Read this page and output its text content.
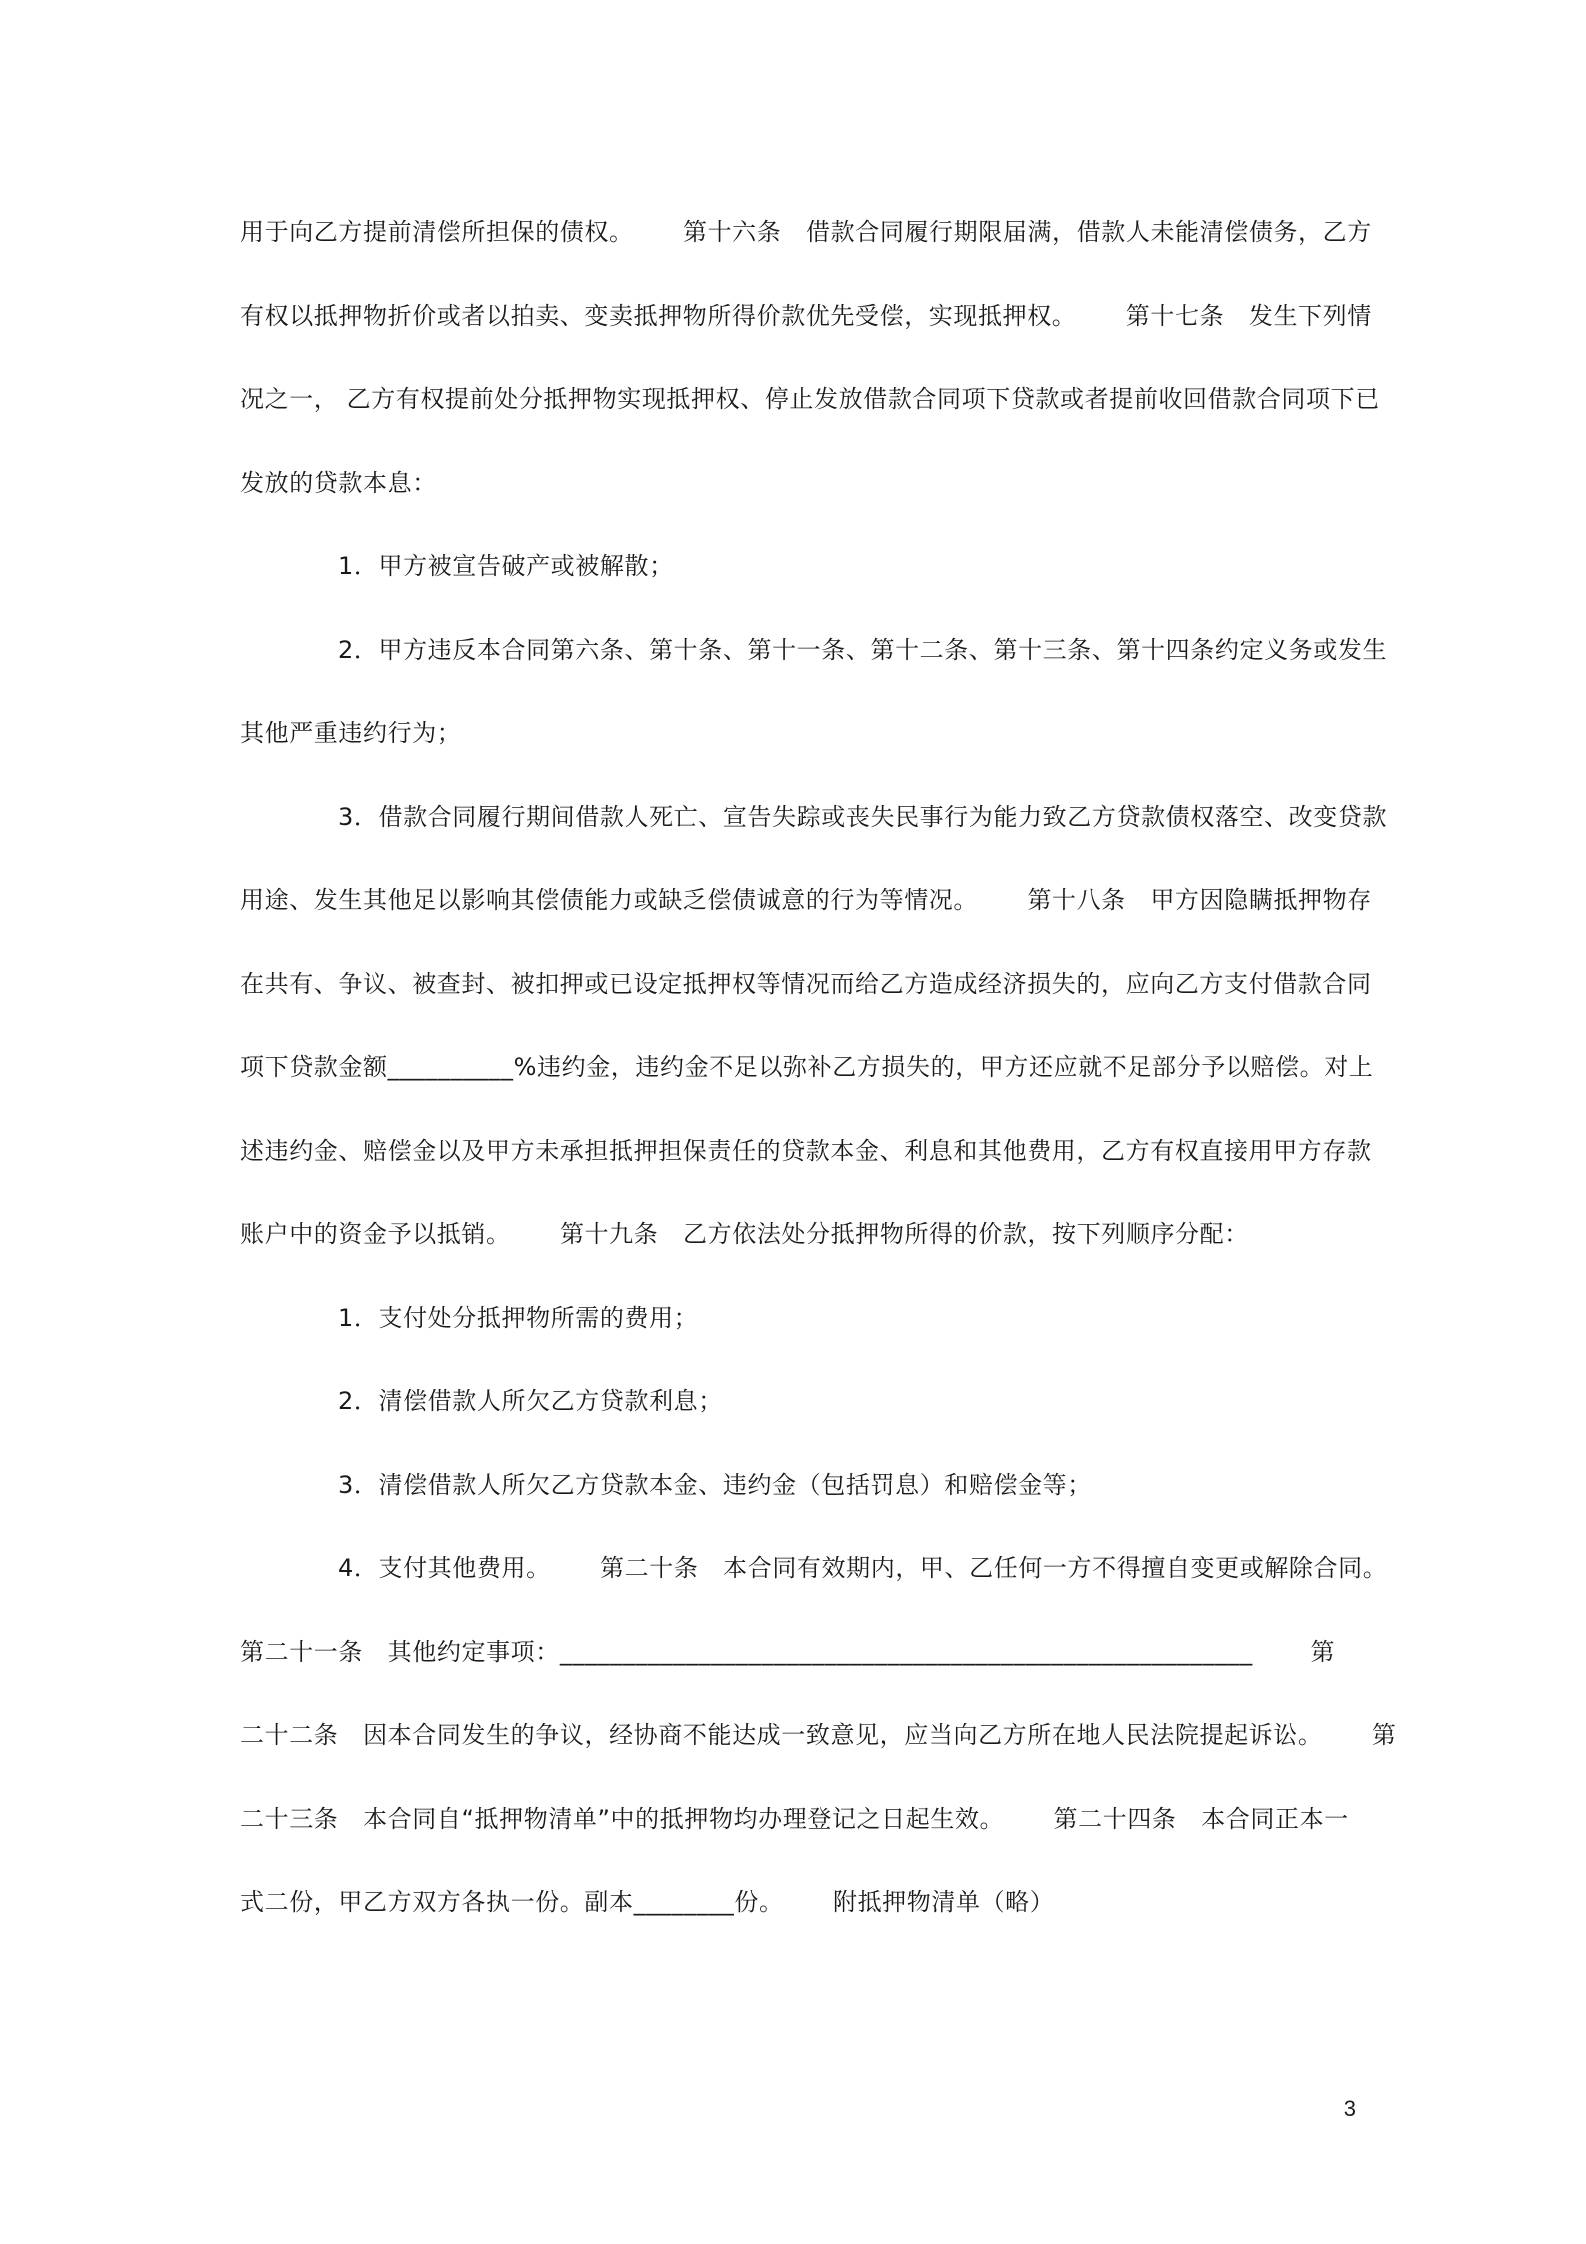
用于向乙方提前清偿所担保的债权。      第十六条   借款合同履行期限届满，借款人未能清偿债务，乙方
有权以抵押物折价或者以拍卖、变卖抵押物所得价款优先受偿，实现抵押权。      第十七条   发生下列情
况之一， 乙方有权提前处分抵押物实现抵押权、停止发放借款合同项下贷款或者提前收回借款合同项下已
发放的贷款本息：
1．甲方被宣告破产或被解散；
2．甲方违反本合同第六条、第十条、第十一条、第十二条、第十三条、第十四条约定义务或发生
其他严重违约行为；
3．借款合同履行期间借款人死亡、宣告失踪或丧失民事行为能力致乙方贷款债权落空、改变贷款
用途、发生其他足以影响其偿债能力或缺乏偿债诚意的行为等情况。      第十八条   甲方因隐瞒抵押物存
在共有、争议、被查封、被扣押或已设定抵押权等情况而给乙方造成经济损失的，应向乙方支付借款合同
项下贷款金额__________%违约金，违约金不足以弥补乙方损失的，甲方还应就不足部分予以赔偿。对上
述违约金、赔偿金以及甲方未承担抵押担保责任的贷款本金、利息和其他费用，乙方有权直接用甲方存款
账户中的资金予以抵销。      第十九条   乙方依法处分抵押物所得的价款，按下列顺序分配：
1．支付处分抵押物所需的费用；
2．清偿借款人所欠乙方贷款利息；
3．清偿借款人所欠乙方贷款本金、违约金（包括罚息）和赔偿金等；
4．支付其他费用。      第二十条   本合同有效期内，甲、乙任何一方不得擅自变更或解除合同。
第二十一条   其他约定事项：_______________________________________________________       第
二十二条   因本合同发生的争议，经协商不能达成一致意见，应当向乙方所在地人民法院提起诉讼。      第
二十三条   本合同自“抵押物清单”中的抵押物均办理登记之日起生效。      第二十四条   本合同正本一
式二份，甲乙方双方各执一份。副本________份。      附抵押物清单（略）
3
